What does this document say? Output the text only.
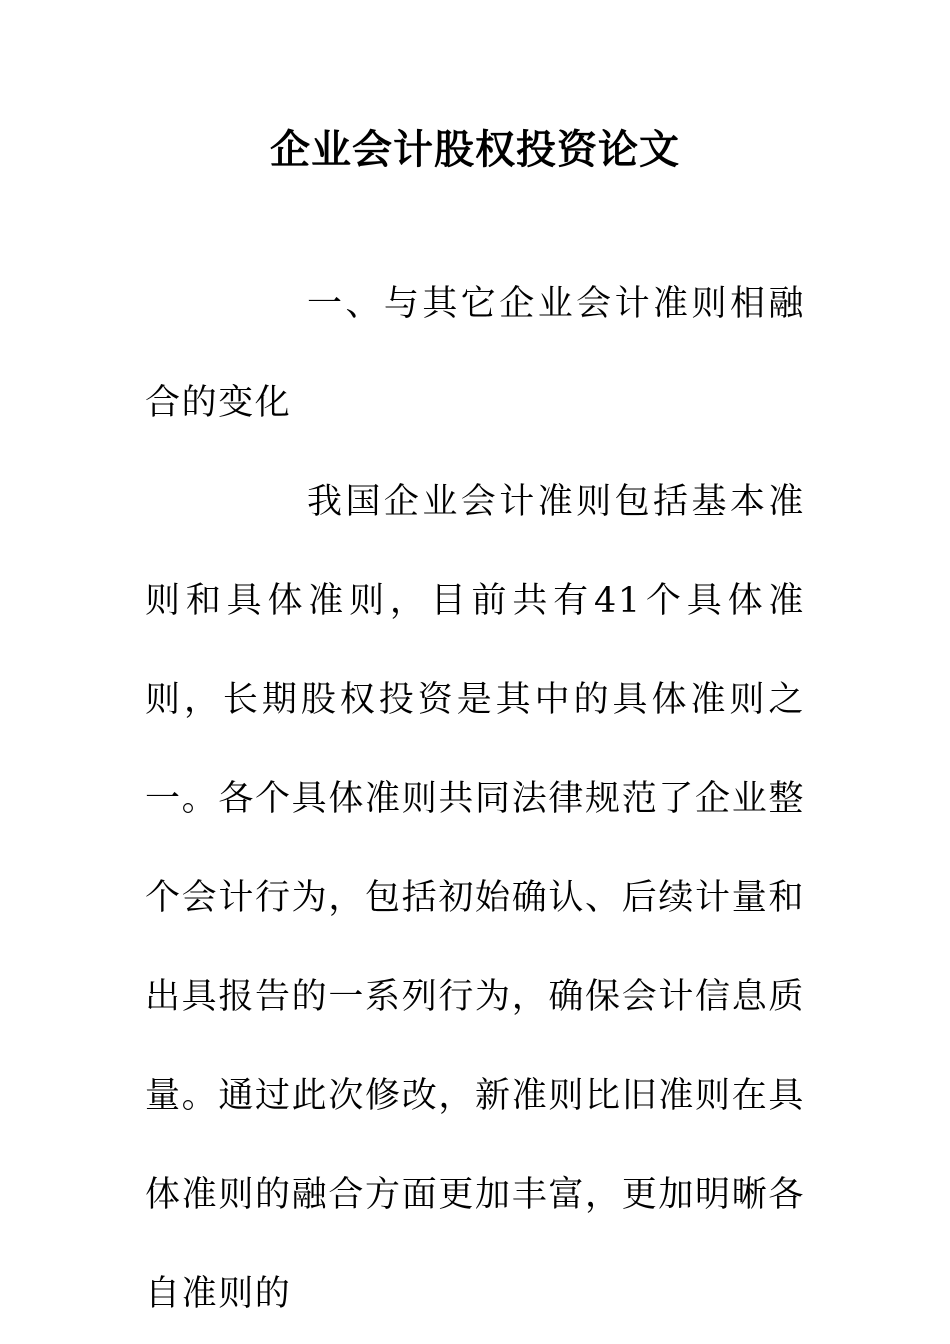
企业会计股权投资论文

一、与其它企业会计准则相融合的变化

我国企业会计准则包括基本准则和具体准则，目前共有41个具体准则，长期股权投资是其中的具体准则之一。各个具体准则共同法律规范了企业整个会计行为，包括初始确认、后续计量和出具报告的一系列行为，确保会计信息质量。通过此次修改，新准则比旧准则在具体准则的融合方面更加丰富，更加明晰各自准则的
